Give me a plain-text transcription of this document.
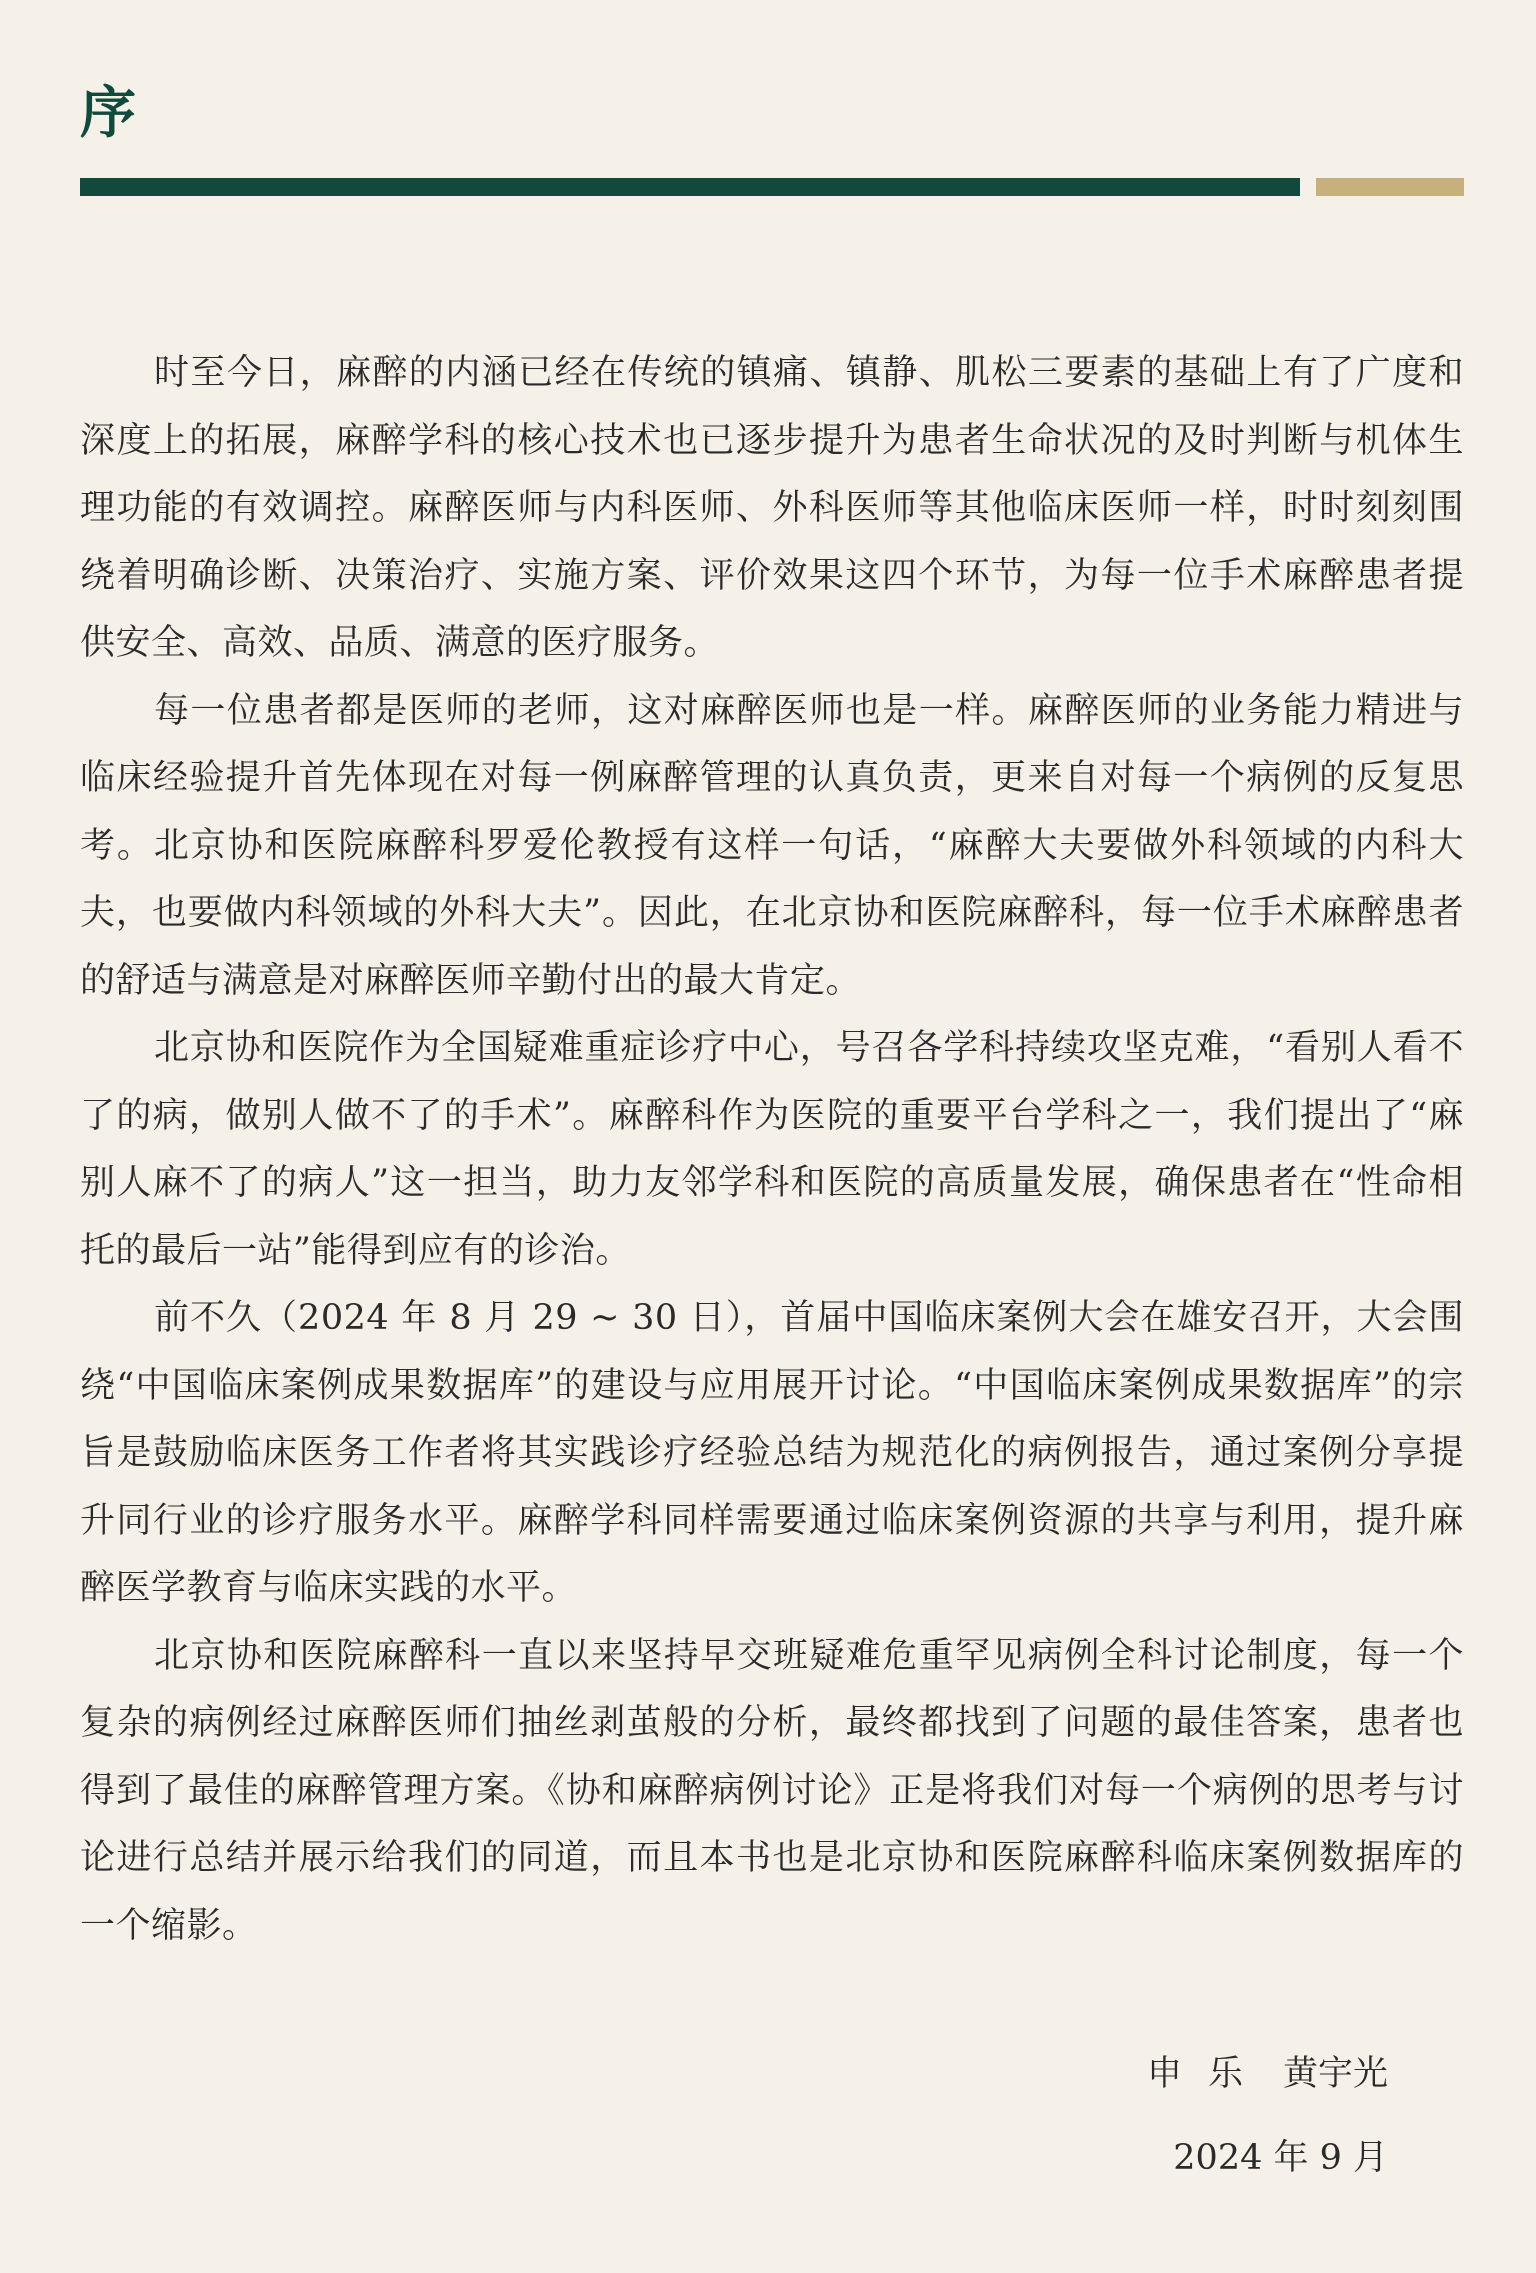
序

时至今日，麻醉的内涵已经在传统的镇痛、镇静、肌松三要素的基础上有了广度和深度上的拓展，麻醉学科的核心技术也已逐步提升为患者生命状况的及时判断与机体生理功能的有效调控。麻醉医师与内科医师、外科医师等其他临床医师一样，时时刻刻围绕着明确诊断、决策治疗、实施方案、评价效果这四个环节，为每一位手术麻醉患者提供安全、高效、品质、满意的医疗服务。

每一位患者都是医师的老师，这对麻醉医师也是一样。麻醉医师的业务能力精进与临床经验提升首先体现在对每一例麻醉管理的认真负责，更来自对每一个病例的反复思考。北京协和医院麻醉科罗爱伦教授有这样一句话，“麻醉大夫要做外科领域的内科大夫，也要做内科领域的外科大夫”。因此，在北京协和医院麻醉科，每一位手术麻醉患者的舒适与满意是对麻醉医师辛勤付出的最大肯定。

北京协和医院作为全国疑难重症诊疗中心，号召各学科持续攻坚克难，“看别人看不了的病，做别人做不了的手术”。麻醉科作为医院的重要平台学科之一，我们提出了“麻别人麻不了的病人”这一担当，助力友邻学科和医院的高质量发展，确保患者在“性命相托的最后一站”能得到应有的诊治。

前不久（2024 年 8 月 29 ~ 30 日），首届中国临床案例大会在雄安召开，大会围绕“中国临床案例成果数据库”的建设与应用展开讨论。“中国临床案例成果数据库”的宗旨是鼓励临床医务工作者将其实践诊疗经验总结为规范化的病例报告，通过案例分享提升同行业的诊疗服务水平。麻醉学科同样需要通过临床案例资源的共享与利用，提升麻醉医学教育与临床实践的水平。

北京协和医院麻醉科一直以来坚持早交班疑难危重罕见病例全科讨论制度，每一个复杂的病例经过麻醉医师们抽丝剥茧般的分析，最终都找到了问题的最佳答案，患者也得到了最佳的麻醉管理方案。《协和麻醉病例讨论》正是将我们对每一个病例的思考与讨论进行总结并展示给我们的同道，而且本书也是北京协和医院麻醉科临床案例数据库的一个缩影。

申 乐 黄宇光
2024 年 9 月
